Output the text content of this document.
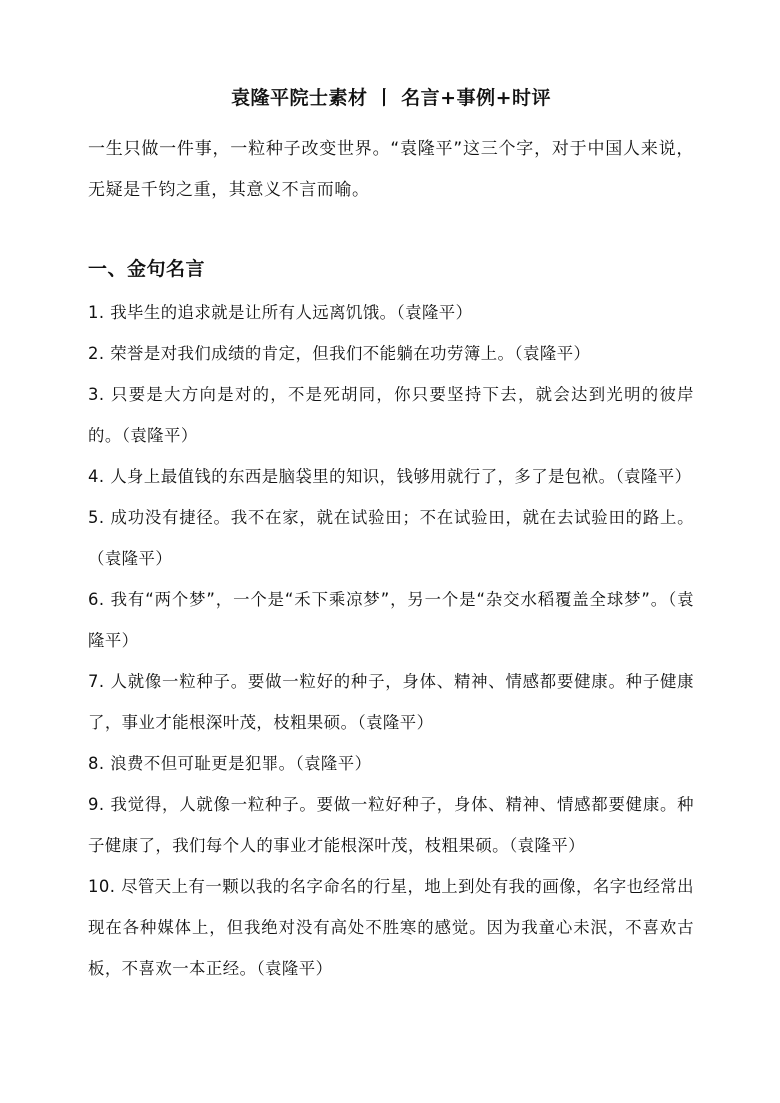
袁隆平院士素材 丨 名言+事例+时评

一生只做一件事，一粒种子改变世界。“袁隆平”这三个字，对于中国人来说，无疑是千钧之重，其意义不言而喻。

一、金句名言
1. 我毕生的追求就是让所有人远离饥饿。（袁隆平）
2. 荣誉是对我们成绩的肯定，但我们不能躺在功劳簿上。（袁隆平）
3. 只要是大方向是对的，不是死胡同，你只要坚持下去，就会达到光明的彼岸的。（袁隆平）
4. 人身上最值钱的东西是脑袋里的知识，钱够用就行了，多了是包袱。（袁隆平）
5. 成功没有捷径。我不在家，就在试验田；不在试验田，就在去试验田的路上。（袁隆平）
6. 我有“两个梦”，一个是“禾下乘凉梦”，另一个是“杂交水稻覆盖全球梦”。（袁隆平）
7. 人就像一粒种子。要做一粒好的种子，身体、精神、情感都要健康。种子健康了，事业才能根深叶茂，枝粗果硕。（袁隆平）
8. 浪费不但可耻更是犯罪。（袁隆平）
9. 我觉得，人就像一粒种子。要做一粒好种子，身体、精神、情感都要健康。种子健康了，我们每个人的事业才能根深叶茂，枝粗果硕。（袁隆平）
10. 尽管天上有一颗以我的名字命名的行星，地上到处有我的画像，名字也经常出现在各种媒体上，但我绝对没有高处不胜寒的感觉。因为我童心未泯，不喜欢古板，不喜欢一本正经。（袁隆平）
